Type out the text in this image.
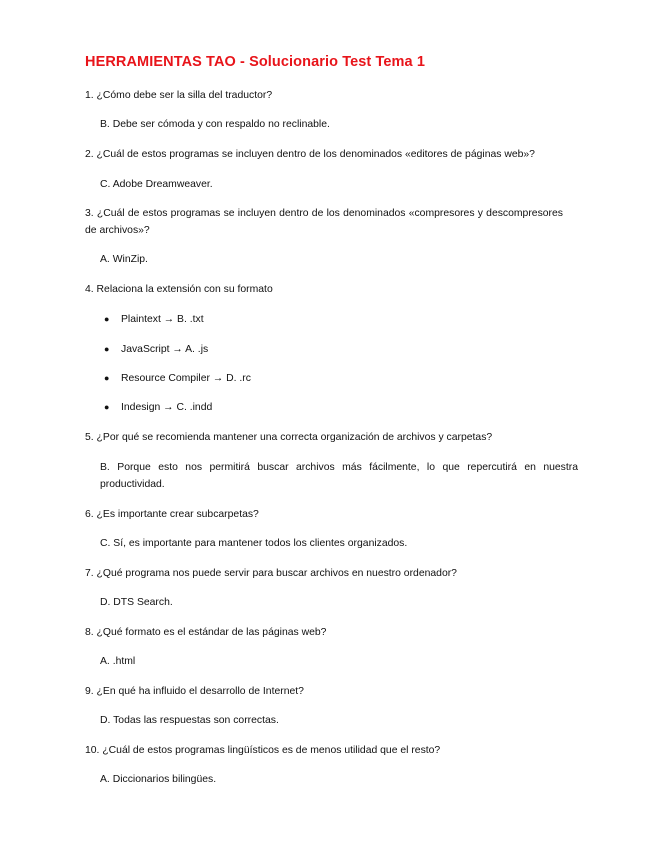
HERRAMIENTAS TAO - Solucionario Test Tema 1
1. ¿Cómo debe ser la silla del traductor?
B. Debe ser cómoda y con respaldo no reclinable.
2. ¿Cuál de estos programas se incluyen dentro de los denominados «editores de páginas web»?
C. Adobe Dreamweaver.
3. ¿Cuál de estos programas se incluyen dentro de los denominados «compresores y descompresores de archivos»?
A. WinZip.
4. Relaciona la extensión con su formato
● Plaintext → B. .txt
● JavaScript → A. .js
● Resource Compiler → D. .rc
● Indesign → C. .indd
5. ¿Por qué se recomienda mantener una correcta organización de archivos y carpetas?
B. Porque esto nos permitirá buscar archivos más fácilmente, lo que repercutirá en nuestra productividad.
6. ¿Es importante crear subcarpetas?
C. Sí, es importante para mantener todos los clientes organizados.
7. ¿Qué programa nos puede servir para buscar archivos en nuestro ordenador?
D. DTS Search.
8. ¿Qué formato es el estándar de las páginas web?
A. .html
9. ¿En qué ha influido el desarrollo de Internet?
D. Todas las respuestas son correctas.
10. ¿Cuál de estos programas lingüísticos es de menos utilidad que el resto?
A. Diccionarios bilingües.
